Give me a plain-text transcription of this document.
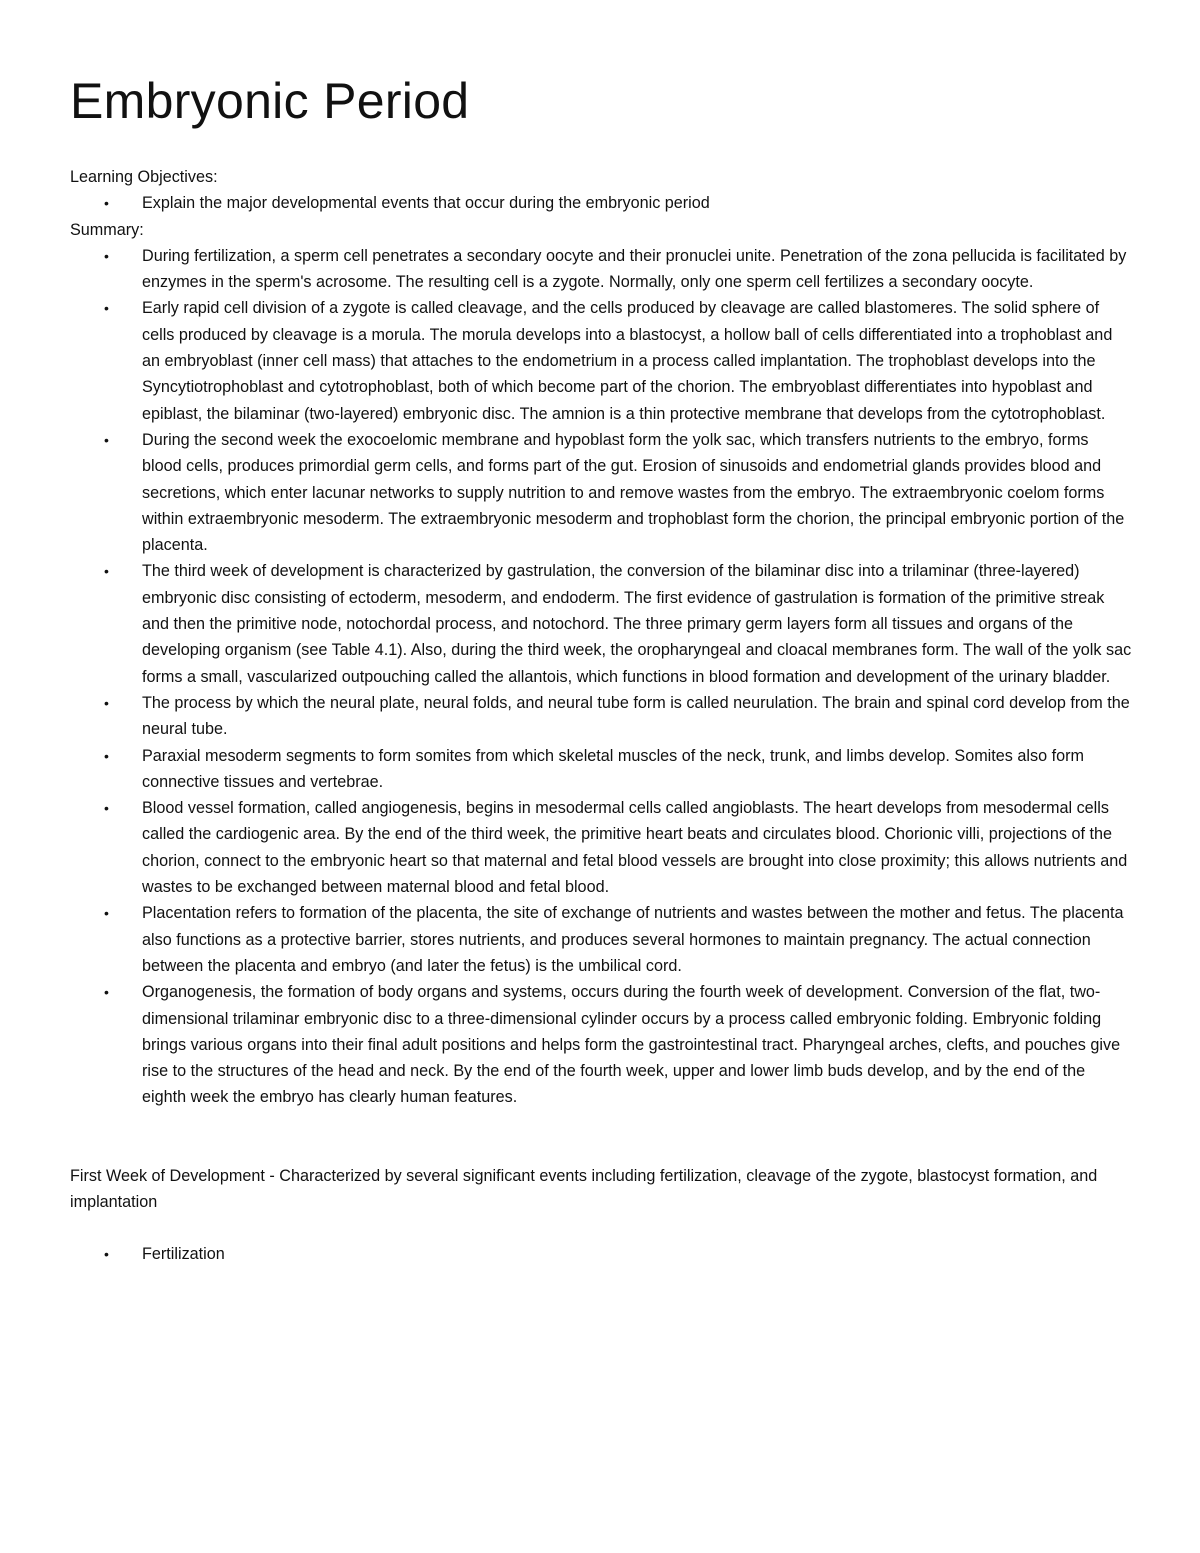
Embryonic Period

Learning Objectives:

• Explain the major developmental events that occur during the embryonic period

Summary:

• During fertilization, a sperm cell penetrates a secondary oocyte and their pronuclei unite. Penetration of the zona pellucida is facilitated by enzymes in the sperm's acrosome. The resulting cell is a zygote. Normally, only one sperm cell fertilizes a secondary oocyte.
• Early rapid cell division of a zygote is called cleavage, and the cells produced by cleavage are called blastomeres. The solid sphere of cells produced by cleavage is a morula. The morula develops into a blastocyst, a hollow ball of cells differentiated into a trophoblast and an embryoblast (inner cell mass) that attaches to the endometrium in a process called implantation. The trophoblast develops into the Syncytiotrophoblast and cytotrophoblast, both of which become part of the chorion. The embryoblast differentiates into hypoblast and epiblast, the bilaminar (two-layered) embryonic disc. The amnion is a thin protective membrane that develops from the cytotrophoblast.
• During the second week the exocoelomic membrane and hypoblast form the yolk sac, which transfers nutrients to the embryo, forms blood cells, produces primordial germ cells, and forms part of the gut. Erosion of sinusoids and endometrial glands provides blood and secretions, which enter lacunar networks to supply nutrition to and remove wastes from the embryo. The extraembryonic coelom forms within extraembryonic mesoderm. The extraembryonic mesoderm and trophoblast form the chorion, the principal embryonic portion of the placenta.
• The third week of development is characterized by gastrulation, the conversion of the bilaminar disc into a trilaminar (three-layered) embryonic disc consisting of ectoderm, mesoderm, and endoderm. The first evidence of gastrulation is formation of the primitive streak and then the primitive node, notochordal process, and notochord. The three primary germ layers form all tissues and organs of the developing organism (see Table 4.1). Also, during the third week, the oropharyngeal and cloacal membranes form. The wall of the yolk sac forms a small, vascularized outpouching called the allantois, which functions in blood formation and development of the urinary bladder.
• The process by which the neural plate, neural folds, and neural tube form is called neurulation. The brain and spinal cord develop from the neural tube.
• Paraxial mesoderm segments to form somites from which skeletal muscles of the neck, trunk, and limbs develop. Somites also form connective tissues and vertebrae.
• Blood vessel formation, called angiogenesis, begins in mesodermal cells called angioblasts. The heart develops from mesodermal cells called the cardiogenic area. By the end of the third week, the primitive heart beats and circulates blood. Chorionic villi, projections of the chorion, connect to the embryonic heart so that maternal and fetal blood vessels are brought into close proximity; this allows nutrients and wastes to be exchanged between maternal blood and fetal blood.
• Placentation refers to formation of the placenta, the site of exchange of nutrients and wastes between the mother and fetus. The placenta also functions as a protective barrier, stores nutrients, and produces several hormones to maintain pregnancy. The actual connection between the placenta and embryo (and later the fetus) is the umbilical cord.
• Organogenesis, the formation of body organs and systems, occurs during the fourth week of development. Conversion of the flat, two-dimensional trilaminar embryonic disc to a three-dimensional cylinder occurs by a process called embryonic folding. Embryonic folding brings various organs into their final adult positions and helps form the gastrointestinal tract. Pharyngeal arches, clefts, and pouches give rise to the structures of the head and neck. By the end of the fourth week, upper and lower limb buds develop, and by the end of the eighth week the embryo has clearly human features.

First Week of Development - Characterized by several significant events including fertilization, cleavage of the zygote, blastocyst formation, and implantation

• Fertilization
